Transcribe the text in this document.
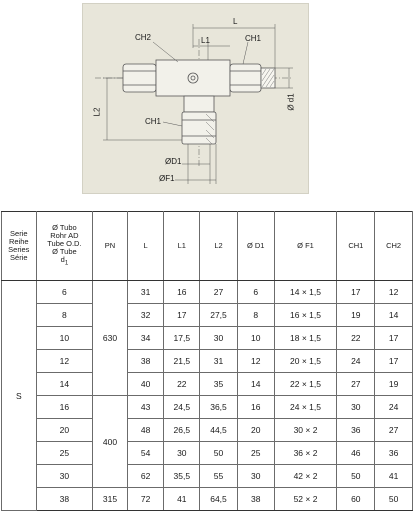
CH2	L1	CH1
L
L2
CH1
Ø d1
ØD1
ØF1
Serie
Reihe
Series
Série	Ø Tubo
Rohr AD
Tube O.D.
Ø Tube
$d_1$	PN	L	L1	L2	Ø D1	Ø F1	CH1	CH2
S	6	630	31	16	27	6	14 × 1,5	17	12
	8		32	17	27,5	8	16 × 1,5	19	14
	10		34	17,5	30	10	18 × 1,5	22	17
	12		38	21,5	31	12	20 × 1,5	24	17
	14		40	22	35	14	22 × 1,5	27	19
	16	400	43	24,5	36,5	16	24 × 1,5	30	24
	20		48	26,5	44,5	20	30 × 2	36	27
	25		54	30	50	25	36 × 2	46	36
	30		62	35,5	55	30	42 × 2	50	41
	38	315	72	41	64,5	38	52 × 2	60	50
